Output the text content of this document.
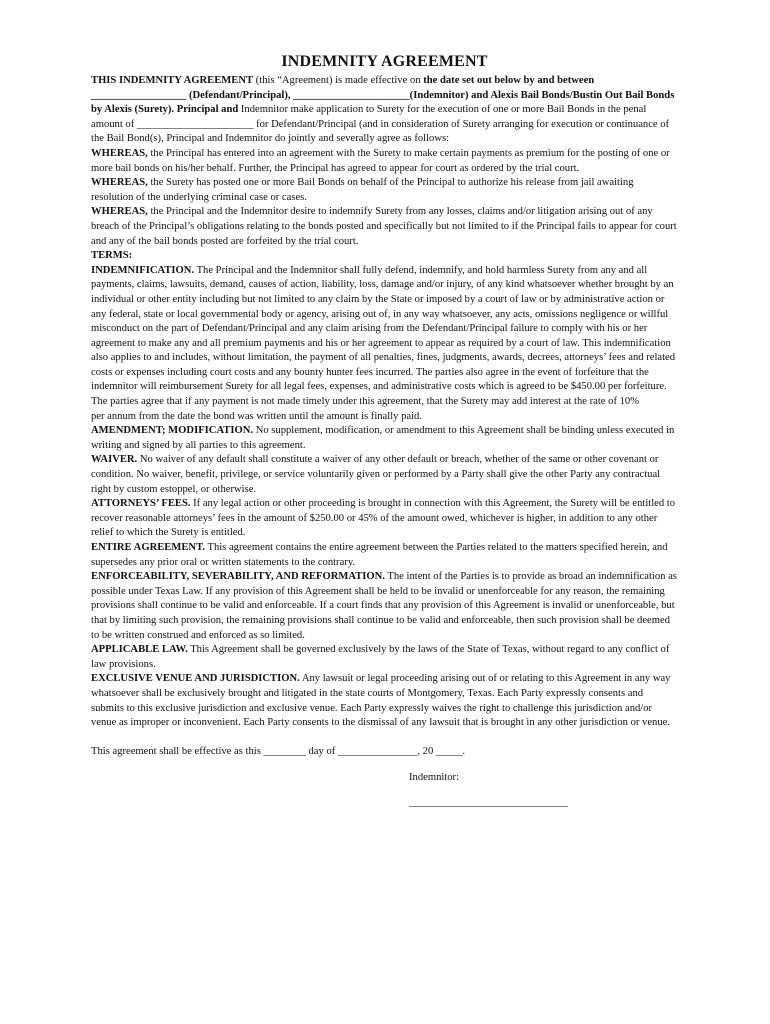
INDEMNITY AGREEMENT

THIS INDEMNITY AGREEMENT (this “Agreement) is made effective on the date set out below by and between __________________ (Defendant/Principal), ______________________(Indemnitor) and Alexis Bail Bonds/Bustin Out Bail Bonds by Alexis (Surety). Principal and Indemnitor make application to Surety for the execution of one or more Bail Bonds in the penal amount of ______________________ for Defendant/Principal (and in consideration of Surety arranging for execution or continuance of the Bail Bond(s), Principal and Indemnitor do jointly and severally agree as follows:

WHEREAS, the Principal has entered into an agreement with the Surety to make certain payments as premium for the posting of one or more bail bonds on his/her behalf. Further, the Principal has agreed to appear for court as ordered by the trial court.

WHEREAS, the Surety has posted one or more Bail Bonds on behalf of the Principal to authorize his release from jail awaiting resolution of the underlying criminal case or cases.

WHEREAS, the Principal and the Indemnitor desire to indemnify Surety from any losses, claims and/or litigation arising out of any breach of the Principal’s obligations relating to the bonds posted and specifically but not limited to if the Principal fails to appear for court and any of the bail bonds posted are forfeited by the trial court.

TERMS:

INDEMNIFICATION. The Principal and the Indemnitor shall fully defend, indemnify, and hold harmless Surety from any and all payments, claims, lawsuits, demand, causes of action, liability, loss, damage and/or injury, of any kind whatsoever whether brought by an individual or other entity including but not limited to any claim by the State or imposed by a court of law or by administrative action or any federal, state or local governmental body or agency, arising out of, in any way whatsoever, any acts, omissions negligence or willful misconduct on the part of Defendant/Principal and any claim arising from the Defendant/Principal failure to comply with his or her agreement to make any and all premium payments and his or her agreement to appear as required by a court of law. This indemnification also applies to and includes, without limitation, the payment of all penalties, fines, judgments, awards, decrees, attorneys’ fees and related costs or expenses including court costs and any bounty hunter fees incurred. The parties also agree in the event of forfeiture that the indemnitor will reimbursement Surety for all legal fees, expenses, and administrative costs which is agreed to be $450.00 per forfeiture. The parties agree that if any payment is not made timely under this agreement, that the Surety may add interest at the rate of 10%

per annum from the date the bond was written until the amount is finally paid.

AMENDMENT; MODIFICATION. No supplement, modification, or amendment to this Agreement shall be binding unless executed in writing and signed by all parties to this agreement.

WAIVER. No waiver of any default shall constitute a waiver of any other default or breach, whether of the same or other covenant or condition. No waiver, benefit, privilege, or service voluntarily given or performed by a Party shall give the other Party any contractual right by custom estoppel, or otherwise.

ATTORNEYS’ FEES. If any legal action or other proceeding is brought in connection with this Agreement, the Surety will be entitled to recover reasonable attorneys’ fees in the amount of $250.00 or 45% of the amount owed, whichever is higher, in addition to any other relief to which the Surety is entitled.

ENTIRE AGREEMENT. This agreement contains the entire agreement between the Parties related to the matters specified herein, and supersedes any prior oral or written statements to the contrary.

ENFORCEABILITY, SEVERABILITY, AND REFORMATION. The intent of the Parties is to provide as broad an indemnification as possible under Texas Law. If any provision of this Agreement shall be held to be invalid or unenforceable for any reason, the remaining provisions shall continue to be valid and enforceable. If a court finds that any provision of this Agreement is invalid or unenforceable, but that by limiting such provision, the remaining provisions shall continue to be valid and enforceable, then such provision shall be deemed to be written construed and enforced as so limited.

APPLICABLE LAW. This Agreement shall be governed exclusively by the laws of the State of Texas, without regard to any conflict of law provisions.

EXCLUSIVE VENUE AND JURISDICTION. Any lawsuit or legal proceeding arising out of or relating to this Agreement in any way whatsoever shall be exclusively brought and litigated in the state courts of Montgomery, Texas. Each Party expressly consents and submits to this exclusive jurisdiction and exclusive venue. Each Party expressly waives the right to challenge this jurisdiction and/or venue as improper or inconvenient. Each Party consents to the dismissal of any lawsuit that is brought in any other jurisdiction or venue.

This agreement shall be effective as this ________ day of _______________, 20 _____.

Indemnitor:

_________________________________
